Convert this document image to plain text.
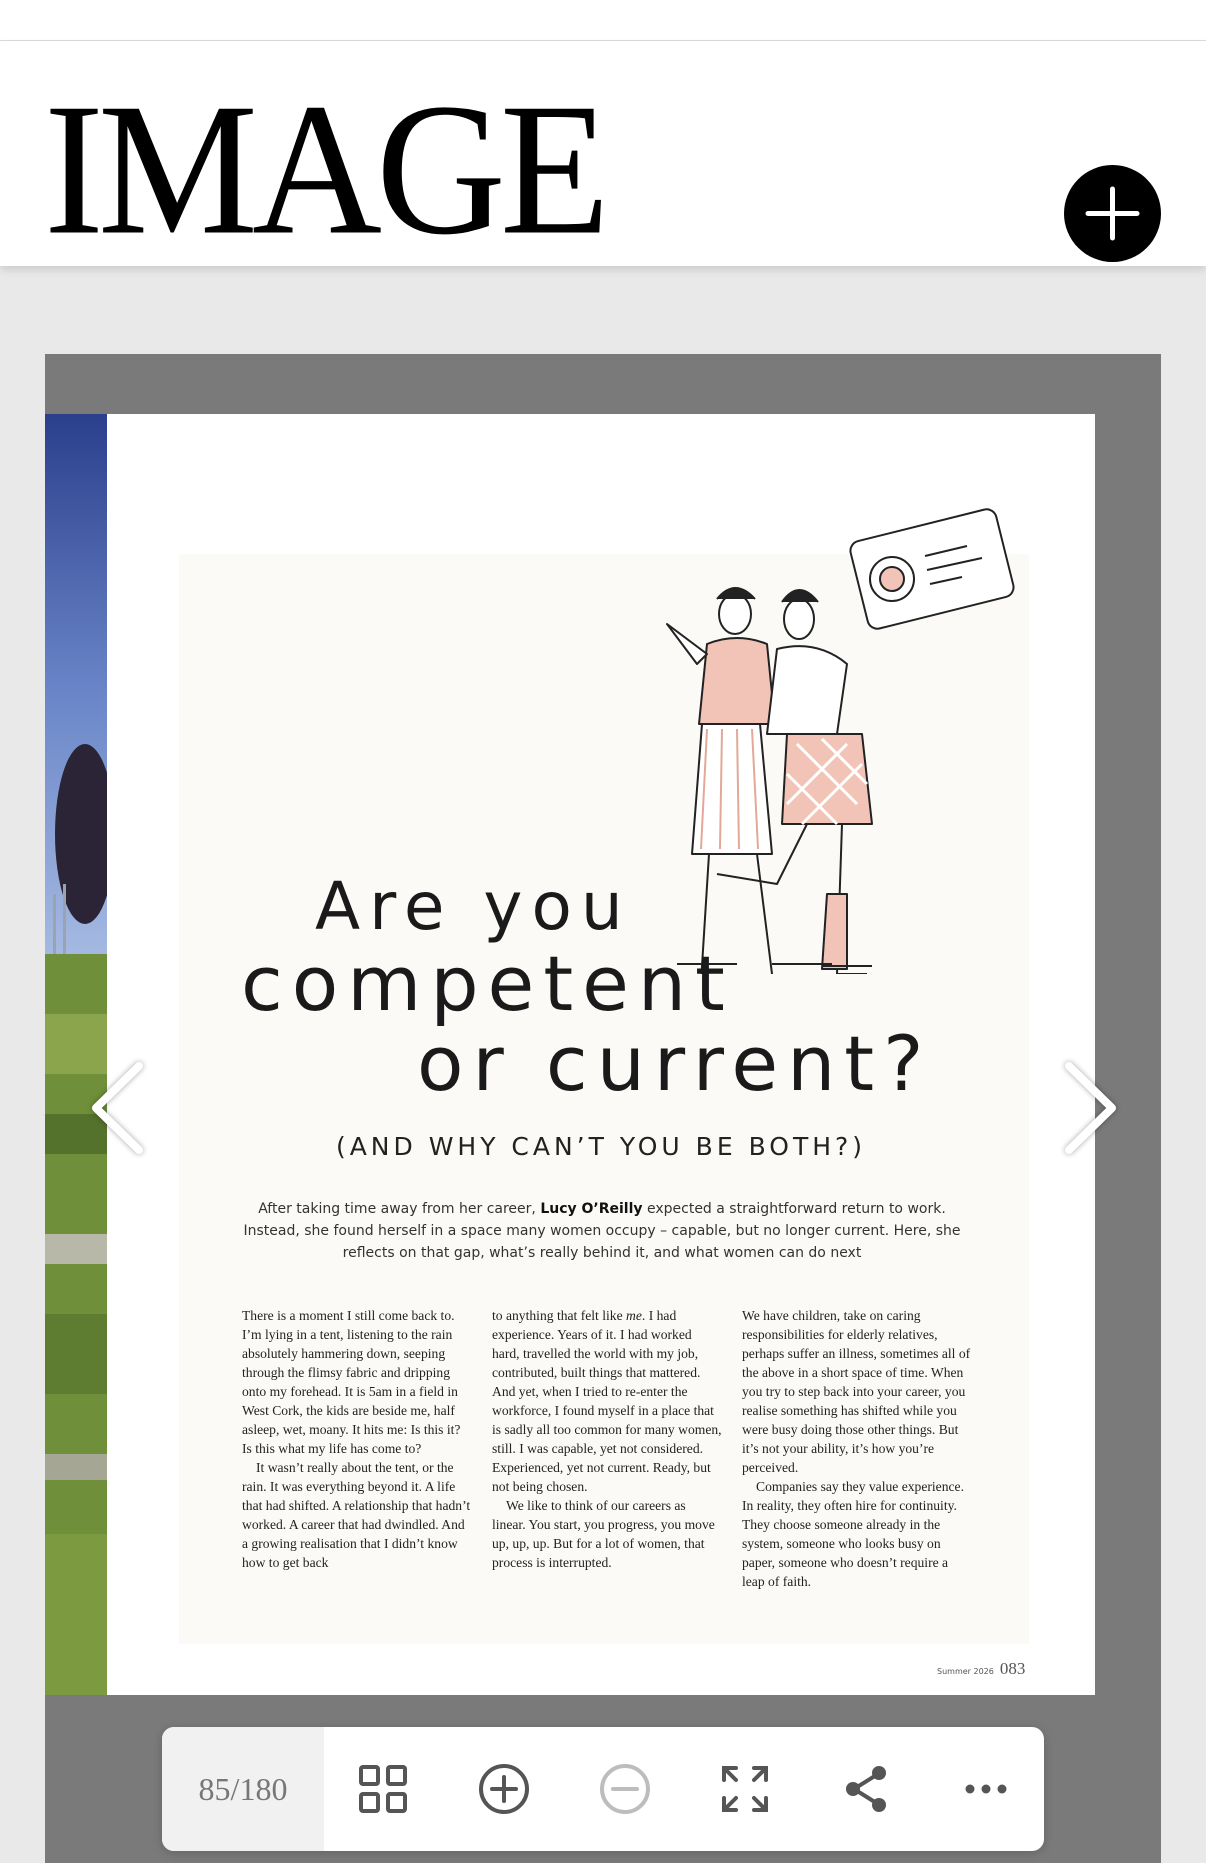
IMAGE
Are you
competent
or current?
(AND WHY CAN’T YOU BE BOTH?)
After taking time away from her career, Lucy O’Reilly expected a straightforward return to work. Instead, she found herself in a space many women occupy – capable, but no longer current. Here, she reflects on that gap, what’s really behind it, and what women can do next

There is a moment I still come back to. I’m lying in a tent, listening to the rain absolutely hammering down, seeping through the flimsy fabric and dripping onto my forehead. It is 5am in a field in West Cork, the kids are beside me, half asleep, wet, moany. It hits me: Is this it? Is this what my life has come to?

It wasn’t really about the tent, or the rain. It was everything beyond it. A life that had shifted. A relationship that hadn’t worked. A career that had dwindled. And a growing realisation that I didn’t know how to get back

to anything that felt like me. I had experience. Years of it. I had worked hard, travelled the world with my job, contributed, built things that mattered. And yet, when I tried to re-enter the workforce, I found myself in a place that is sadly all too common for many women, still. I was capable, yet not considered. Experienced, yet not current. Ready, but not being chosen.

We like to think of our careers as linear. You start, you progress, you move up, up, up. But for a lot of women, that process is interrupted.

We have children, take on caring responsibilities for elderly relatives, perhaps suffer an illness, sometimes all of the above in a short space of time. When you try to step back into your career, you realise something has shifted while you were busy doing those other things. But it’s not your ability, it’s how you’re perceived.

Companies say they value experience. In reality, they often hire for continuity. They choose someone already in the system, someone who looks busy on paper, someone who doesn’t require a leap of faith.

Summer 2026 083
85/180
